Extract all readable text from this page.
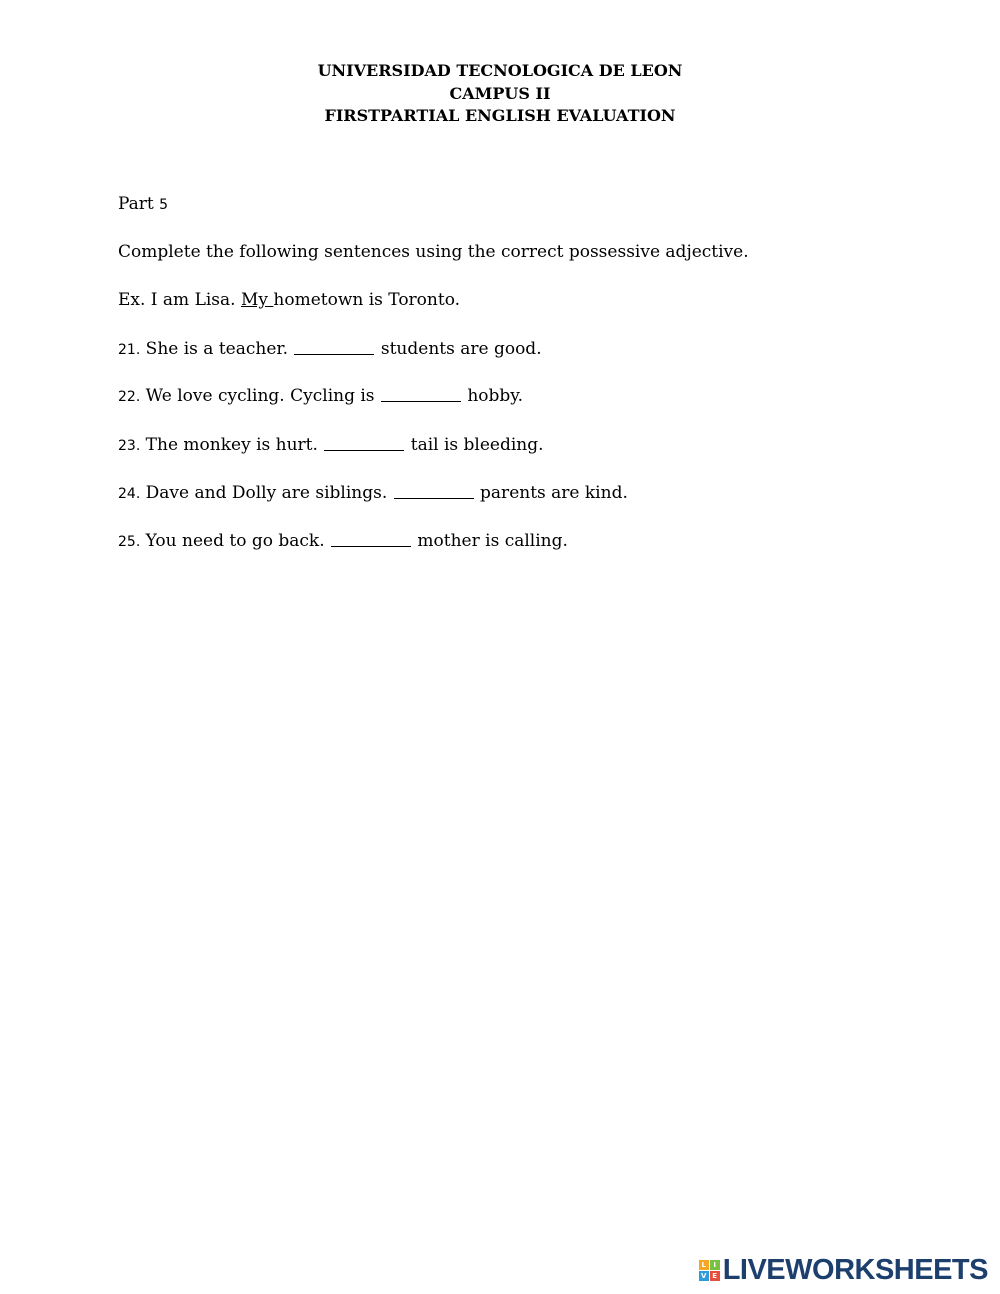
UNIVERSIDAD TECNOLOGICA DE LEON
CAMPUS II
FIRSTPARTIAL ENGLISH EVALUATION
Part 5
Complete the following sentences using the correct possessive adjective.
Ex. I am Lisa. My hometown is Toronto.
21. She is a teacher.	students are good.
22. We love cycling. Cycling is	hobby.
23. The monkey is hurt.	tail is bleeding.
24. Dave and Dolly are siblings.	parents are kind.
25. You need to go back.	mother is calling.
L	I
V E LIVEWORKSHEETS
